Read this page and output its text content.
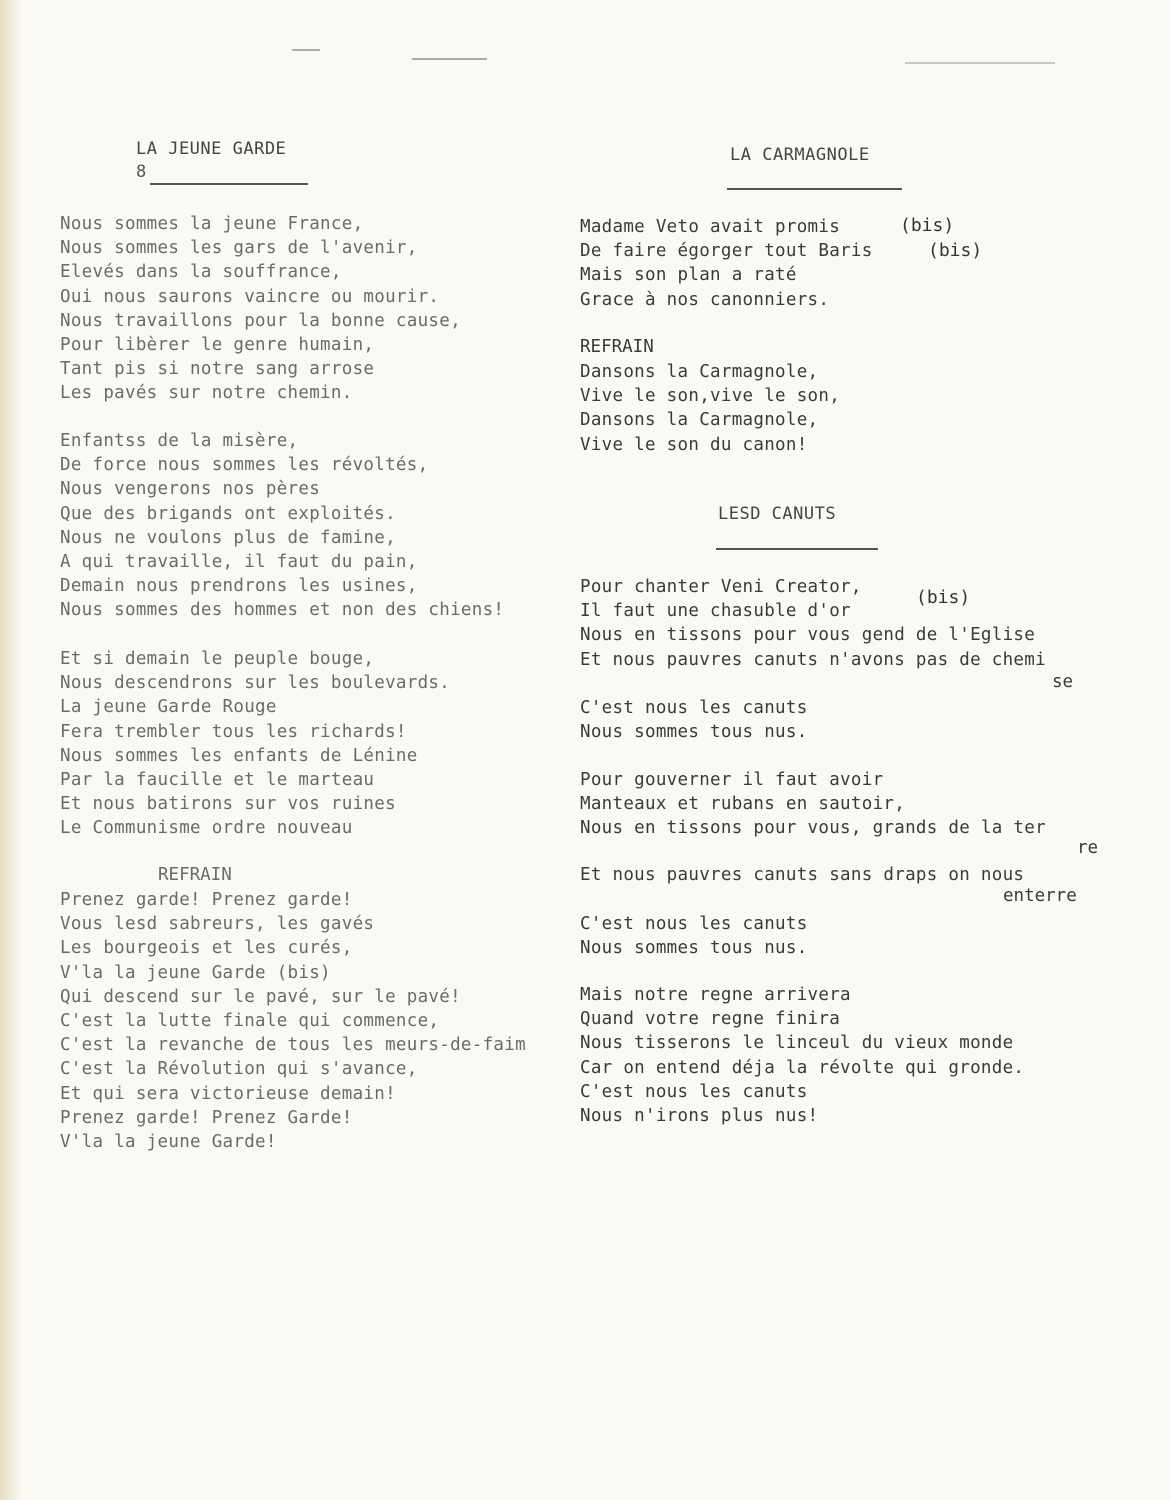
LA JEUNE GARDE
8
Nous sommes la jeune France,
Nous sommes les gars de l'avenir,
Elevés dans la souffrance,
Oui nous saurons vaincre ou mourir.
Nous travaillons pour la bonne cause,
Pour libèrer le genre humain,
Tant pis si notre sang arrose
Les pavés sur notre chemin.
Enfantss de la misère,
De force nous sommes les révoltés,
Nous vengerons nos pères
Que des brigands ont exploités.
Nous ne voulons plus de famine,
A qui travaille, il faut du pain,
Demain nous prendrons les usines,
Nous sommes des hommes et non des chiens!
Et si demain le peuple bouge,
Nous descendrons sur les boulevards.
La jeune Garde Rouge
Fera trembler tous les richards!
Nous sommes les enfants de Lénine
Par la faucille et le marteau
Et nous batirons sur vos ruines
Le Communisme ordre nouveau
REFRAIN
Prenez garde! Prenez garde!
Vous lesd sabreurs, les gavés
Les bourgeois et les curés,
V'la la jeune Garde (bis)
Qui descend sur le pavé, sur le pavé!
C'est la lutte finale qui commence,
C'est la revanche de tous les meurs-de-faim
C'est la Révolution qui s'avance,
Et qui sera victorieuse demain!
Prenez garde! Prenez Garde!
V'la la jeune Garde!
LA CARMAGNOLE
Madame Veto avait promis
De faire égorger tout Baris
Mais son plan a raté
Grace à nos canonniers.
(bis)
(bis)
REFRAIN
Dansons la Carmagnole,
Vive le son,vive le son,
Dansons la Carmagnole,
Vive le son du canon!
LESD CANUTS
Pour chanter Veni Creator,
Il faut une chasuble d'or
Nous en tissons pour vous gend de l'Eglise
Et nous pauvres canuts n'avons pas de chemi
(bis)
se
C'est nous les canuts
Nous sommes tous nus.
Pour gouverner il faut avoir
Manteaux et rubans en sautoir,
Nous en tissons pour vous, grands de la ter
re
Et nous pauvres canuts sans draps on nous
enterre
C'est nous les canuts
Nous sommes tous nus.
Mais notre regne arrivera
Quand votre regne finira
Nous tisserons le linceul du vieux monde
Car on entend déja la révolte qui gronde.
C'est nous les canuts
Nous n'irons plus nus!
